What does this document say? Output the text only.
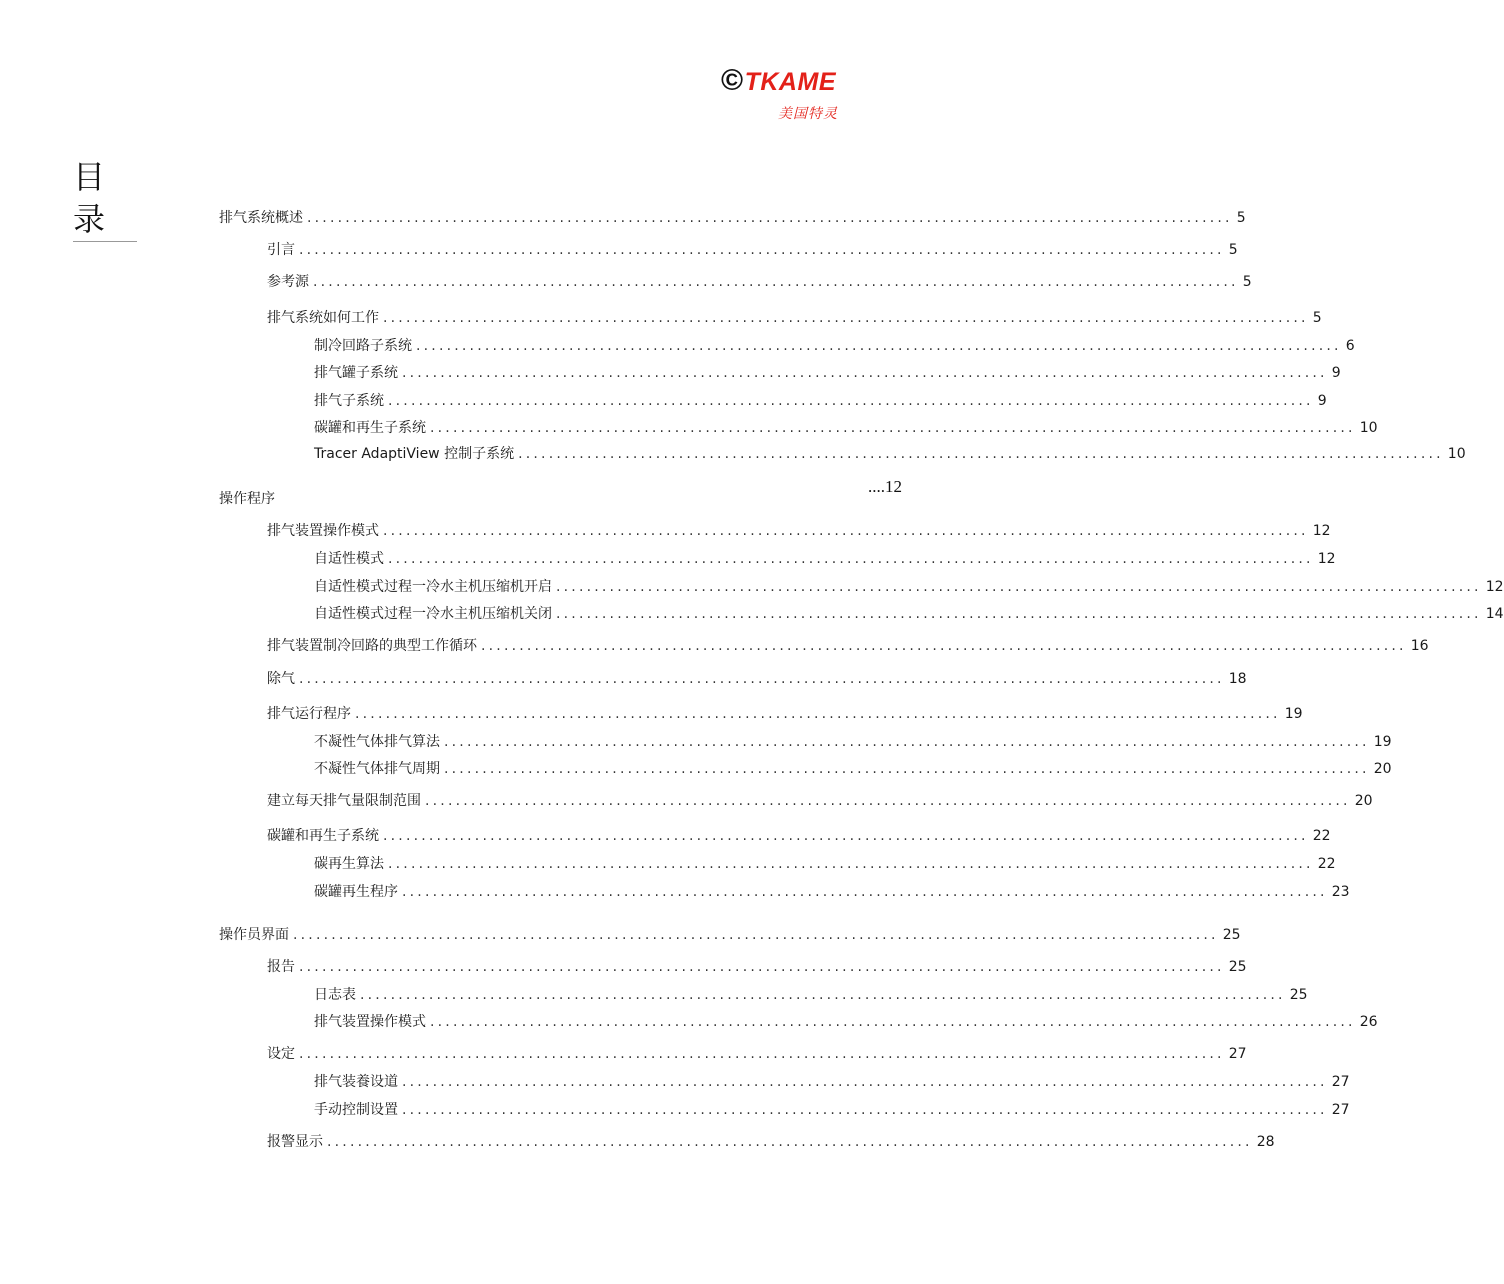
©TKAME
美国特灵
目录	排气系统概述 ......................................................................................................................... 5
引言 ......................................................................................................................... 5
参考源 ......................................................................................................................... 5
排气系统如何工作 ......................................................................................................................... 5
制冷回路子系统 ......................................................................................................................... 6
排气罐子系统 ......................................................................................................................... 9
排气子系统 ......................................................................................................................... 9
碳罐和再生子系统 ......................................................................................................................... 10
Tracer AdaptiView 控制子系统 ......................................................................................................................... 10
....12
操作程序
排气装置操作模式 ......................................................................................................................... 12
自适性模式 ......................................................................................................................... 12
自适性模式过程一冷水主机压缩机开启 ......................................................................................................................... 12
自适性模式过程一冷水主机压缩机关闭 ......................................................................................................................... 14
排气装置制冷回路的典型工作循环 ......................................................................................................................... 16
除气 ......................................................................................................................... 18
排气运行程序 ......................................................................................................................... 19
不凝性气体排气算法 ......................................................................................................................... 19
不凝性气体排气周期 ......................................................................................................................... 20
建立每天排气量限制范围 ......................................................................................................................... 20
碳罐和再生子系统 ......................................................................................................................... 22
碳再生算法 ......................................................................................................................... 22
碳罐再生程序 ......................................................................................................................... 23
操作员界面 ......................................................................................................................... 25
报告 ......................................................................................................................... 25
日志表 ......................................................................................................................... 25
排气装置操作模式 ......................................................................................................................... 26
设定 ......................................................................................................................... 27
排气装養设道 ......................................................................................................................... 27
手动控制设置 ......................................................................................................................... 27
报警显示 ......................................................................................................................... 28
